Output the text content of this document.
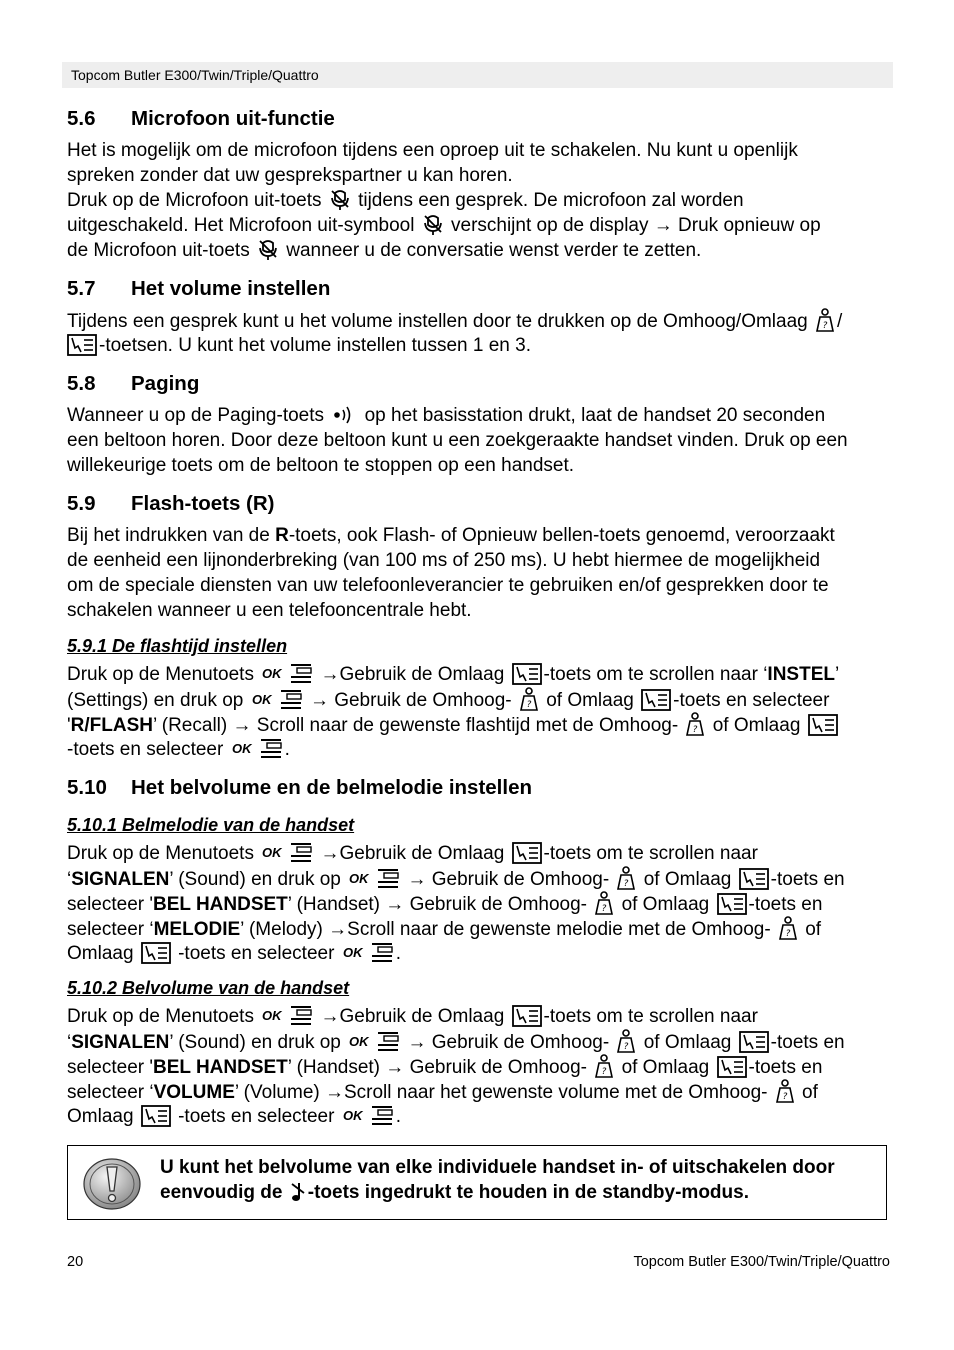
Topcom Butler E300/Twin/Triple/Quattro
5.6 Microfoon uit-functie
Het is mogelijk om de microfoon tijdens een oproep uit te schakelen. Nu kunt u openlijk
spreken zonder dat uw gesprekspartner u kan horen.
Druk op de Microfoon uit-toets tijdens een gesprek. De microfoon zal worden
uitgeschakeld. Het Microfoon uit-symbool verschijnt op de display → Druk opnieuw op
de Microfoon uit-toets wanneer u de conversatie wenst verder te zetten.
5.7 Het volume instellen
Tijdens een gesprek kunt u het volume instellen door te drukken op de Omhoog/Omlaag ? /
-toetsen. U kunt het volume instellen tussen 1 en 3.
5.8 Paging
Wanneer u op de Paging-toets op het basisstation drukt, laat de handset 20 seconden
een beltoon horen. Door deze beltoon kunt u een zoekgeraakte handset vinden. Druk op een
willekeurige toets om de beltoon te stoppen op een handset.
5.9 Flash-toets (R)
Bij het indrukken van de R-toets, ook Flash- of Opnieuw bellen-toets genoemd, veroorzaakt
de eenheid een lijnonderbreking (van 100 ms of 250 ms). U hebt hiermee de mogelijkheid
om de speciale diensten van uw telefoonleverancier te gebruiken en/of gesprekken door te
schakelen wanneer u een telefooncentrale hebt.
5.9.1 De flashtijd instellen
Druk op de Menutoets OK →Gebruik de Omlaag -toets om te scrollen naar ‘INSTEL’
(Settings) en druk op OK → Gebruik de Omhoog- ? of Omlaag -toets en selecteer
'R/FLASH’ (Recall) → Scroll naar de gewenste flashtijd met de Omhoog- ? of Omlaag
-toets en selecteer OK .
5.10 Het belvolume en de belmelodie instellen
5.10.1 Belmelodie van de handset
Druk op de Menutoets OK →Gebruik de Omlaag -toets om te scrollen naar
‘SIGNALEN’ (Sound) en druk op OK → Gebruik de Omhoog- ? of Omlaag -toets en
selecteer 'BEL HANDSET’ (Handset) → Gebruik de Omhoog- ? of Omlaag -toets en
selecteer ‘MELODIE’ (Melody) →Scroll naar de gewenste melodie met de Omhoog- ? of
Omlaag -toets en selecteer OK .
5.10.2 Belvolume van de handset
Druk op de Menutoets OK →Gebruik de Omlaag -toets om te scrollen naar
‘SIGNALEN’ (Sound) en druk op OK → Gebruik de Omhoog- ? of Omlaag -toets en
selecteer 'BEL HANDSET’ (Handset) → Gebruik de Omhoog- ? of Omlaag -toets en
selecteer ‘VOLUME’ (Volume) →Scroll naar het gewenste volume met de Omhoog- ? of
Omlaag -toets en selecteer OK .
U kunt het belvolume van elke individuele handset in- of uitschakelen door
eenvoudig de -toets ingedrukt te houden in de standby-modus.
20	Topcom Butler E300/Twin/Triple/Quattro
